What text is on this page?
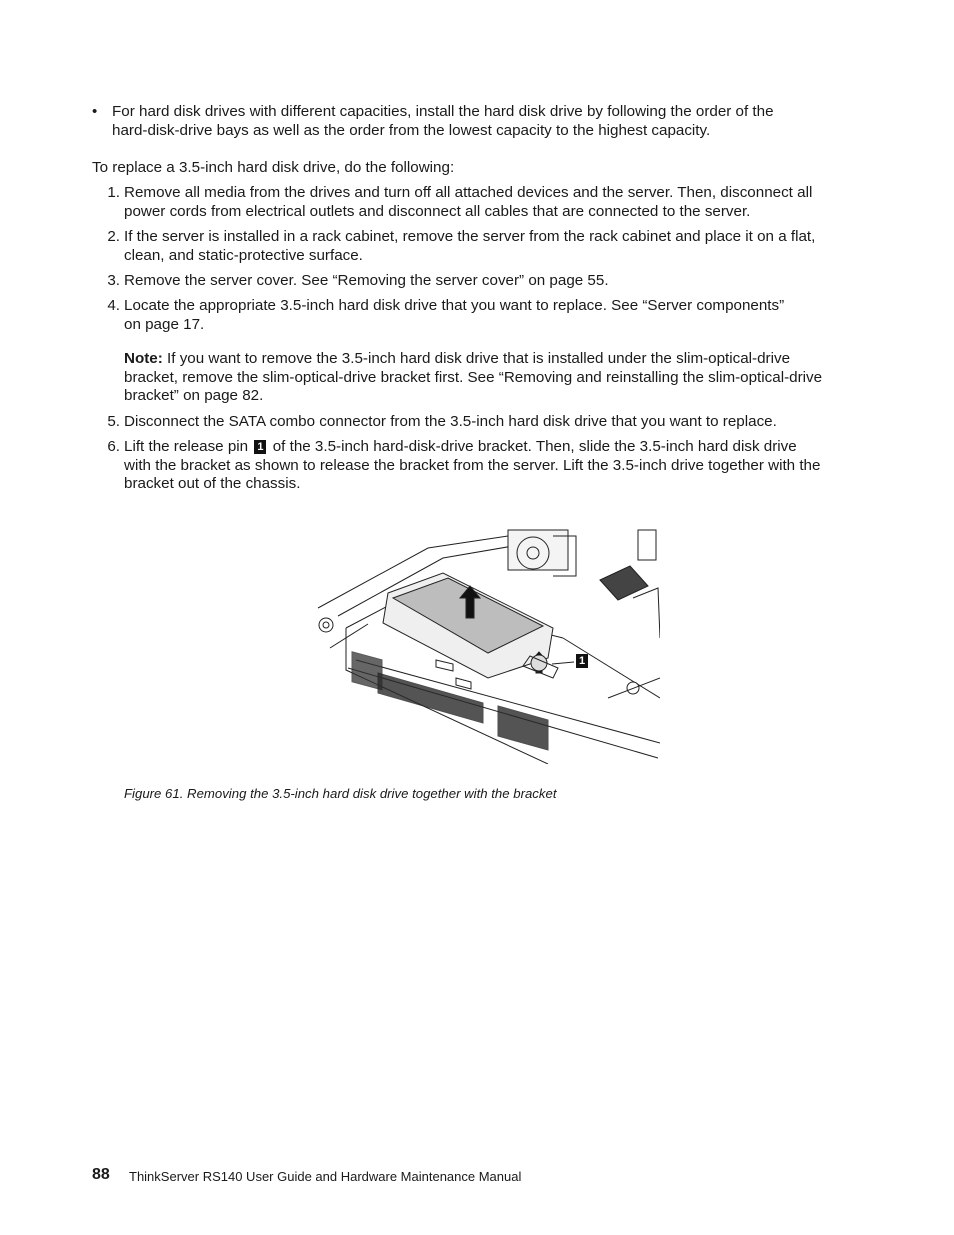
• For hard disk drives with different capacities, install the hard disk drive by following the order of the
hard-disk-drive bays as well as the order from the lowest capacity to the highest capacity.
To replace a 3.5-inch hard disk drive, do the following:
1. Remove all media from the drives and turn off all attached devices and the server. Then, disconnect all
power cords from electrical outlets and disconnect all cables that are connected to the server.
2. If the server is installed in a rack cabinet, remove the server from the rack cabinet and place it on a flat,
clean, and static-protective surface.
3. Remove the server cover. See “Removing the server cover” on page 55.
4. Locate the appropriate 3.5-inch hard disk drive that you want to replace. See “Server components”
on page 17.
Note: If you want to remove the 3.5-inch hard disk drive that is installed under the slim-optical-drive
bracket, remove the slim-optical-drive bracket first. See “Removing and reinstalling the slim-optical-drive
bracket” on page 82.
5. Disconnect the SATA combo connector from the 3.5-inch hard disk drive that you want to replace.
6. Lift the release pin 1 of the 3.5-inch hard-disk-drive bracket. Then, slide the 3.5-inch hard disk drive
with the bracket as shown to release the bracket from the server. Lift the 3.5-inch drive together with the
bracket out of the chassis.
1
Figure 61. Removing the 3.5-inch hard disk drive together with the bracket
88 ThinkServer RS140 User Guide and Hardware Maintenance Manual
